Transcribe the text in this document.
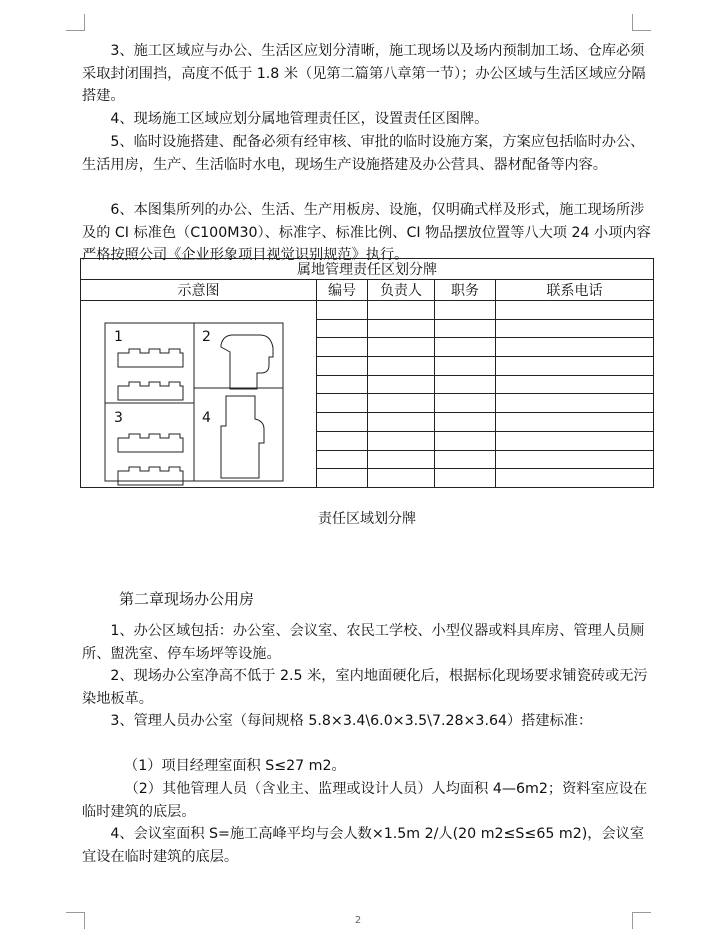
3、施工区域应与办公、生活区应划分清晰，施工现场以及场内预制加工场、仓库必须采取封闭围挡，高度不低于 1.8 米（见第二篇第八章第一节）；办公区域与生活区域应分隔搭建。

4、现场施工区域应划分属地管理责任区，设置责任区图牌。

5、临时设施搭建、配备必须有经审核、审批的临时设施方案，方案应包括临时办公、生活用房，生产、生活临时水电，现场生产设施搭建及办公营具、器材配备等内容。

6、本图集所列的办公、生活、生产用板房、设施，仅明确式样及形式，施工现场所涉及的 CI 标准色（C100M30）、标准字、标准比例、CI 物品摆放位置等八大项 24 小项内容严格按照公司《企业形象项目视觉识别规范》执行。

属地管理责任区划分牌				
示意图	编号	负责人	职务	联系电话

1 2
3 4				

责任区域划分牌
第二章现场办公用房

1、办公区域包括：办公室、会议室、农民工学校、小型仪器或料具库房、管理人员厕所、盥洗室、停车场坪等设施。

2、现场办公室净高不低于 2.5 米，室内地面硬化后，根据标化现场要求铺瓷砖或无污染地板革。

3、管理人员办公室（每间规格 5.8×3.4\6.0×3.5\7.28×3.64）搭建标准：

（1）项目经理室面积 S≤27 m2。

（2）其他管理人员（含业主、监理或设计人员）人均面积 4—6m2；资料室应设在临时建筑的底层。

4、会议室面积 S=施工高峰平均与会人数×1.5m 2/人(20 m2≤S≤65 m2)，会议室宜设在临时建筑的底层。

2
